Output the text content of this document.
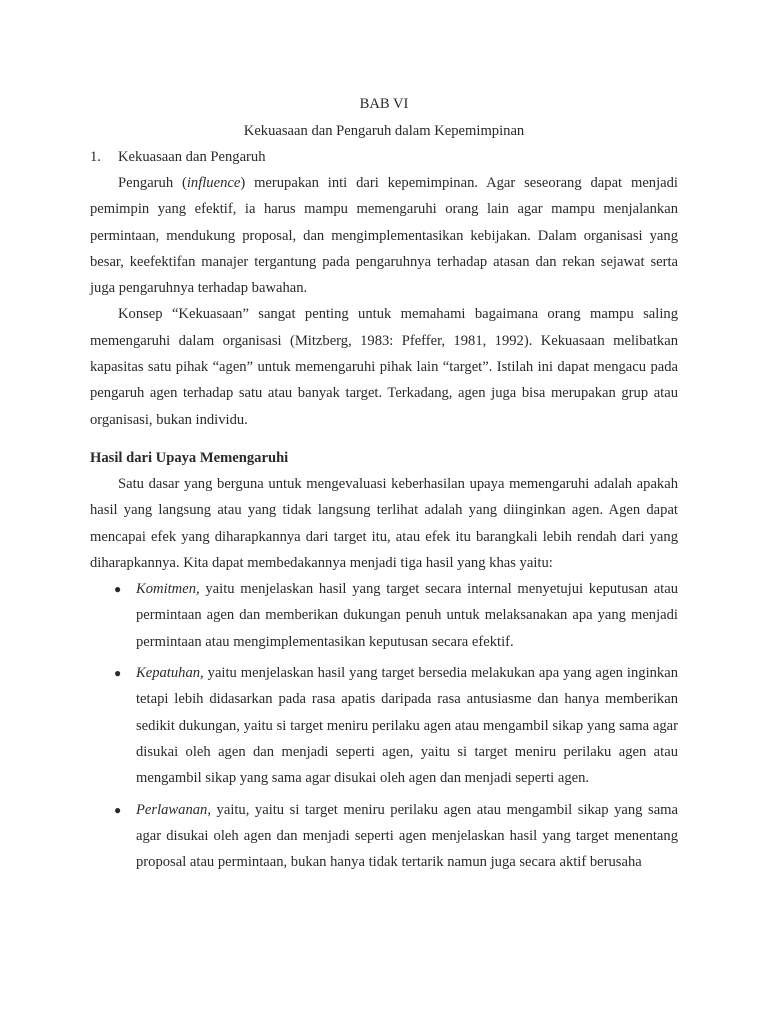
BAB VI
Kekuasaan dan Pengaruh dalam Kepemimpinan
1.	Kekuasaan dan Pengaruh

Pengaruh (influence) merupakan inti dari kepemimpinan. Agar seseorang dapat menjadi pemimpin yang efektif, ia harus mampu memengaruhi orang lain agar mampu menjalankan permintaan, mendukung proposal, dan mengimplementasikan kebijakan. Dalam organisasi yang besar, keefektifan manajer tergantung pada pengaruhnya terhadap atasan dan rekan sejawat serta juga pengaruhnya terhadap bawahan.

Konsep “Kekuasaan” sangat penting untuk memahami bagaimana orang mampu saling memengaruhi dalam organisasi (Mitzberg, 1983: Pfeffer, 1981, 1992). Kekuasaan melibatkan kapasitas satu pihak “agen” untuk memengaruhi pihak lain “target”. Istilah ini dapat mengacu pada pengaruh agen terhadap satu atau banyak target. Terkadang, agen juga bisa merupakan grup atau organisasi, bukan individu.

Hasil dari Upaya Memengaruhi

Satu dasar yang berguna untuk mengevaluasi keberhasilan upaya memengaruhi adalah apakah hasil yang langsung atau yang tidak langsung terlihat adalah yang diinginkan agen. Agen dapat mencapai efek yang diharapkannya dari target itu, atau efek itu barangkali lebih rendah dari yang diharapkannya. Kita dapat membedakannya menjadi tiga hasil yang khas yaitu:

● Komitmen, yaitu menjelaskan hasil yang target secara internal menyetujui keputusan atau permintaan agen dan memberikan dukungan penuh untuk melaksanakan apa yang menjadi permintaan atau mengimplementasikan keputusan secara efektif.
● Kepatuhan, yaitu menjelaskan hasil yang target bersedia melakukan apa yang agen inginkan tetapi lebih didasarkan pada rasa apatis daripada rasa antusiasme dan hanya memberikan sedikit dukungan, yaitu si target meniru perilaku agen atau mengambil sikap yang sama agar disukai oleh agen dan menjadi seperti agen, yaitu si target meniru perilaku agen atau mengambil sikap yang sama agar disukai oleh agen dan menjadi seperti agen.
● Perlawanan, yaitu, yaitu si target meniru perilaku agen atau mengambil sikap yang sama agar disukai oleh agen dan menjadi seperti agen menjelaskan hasil yang target menentang proposal atau permintaan, bukan hanya tidak tertarik namun juga secara aktif berusaha
